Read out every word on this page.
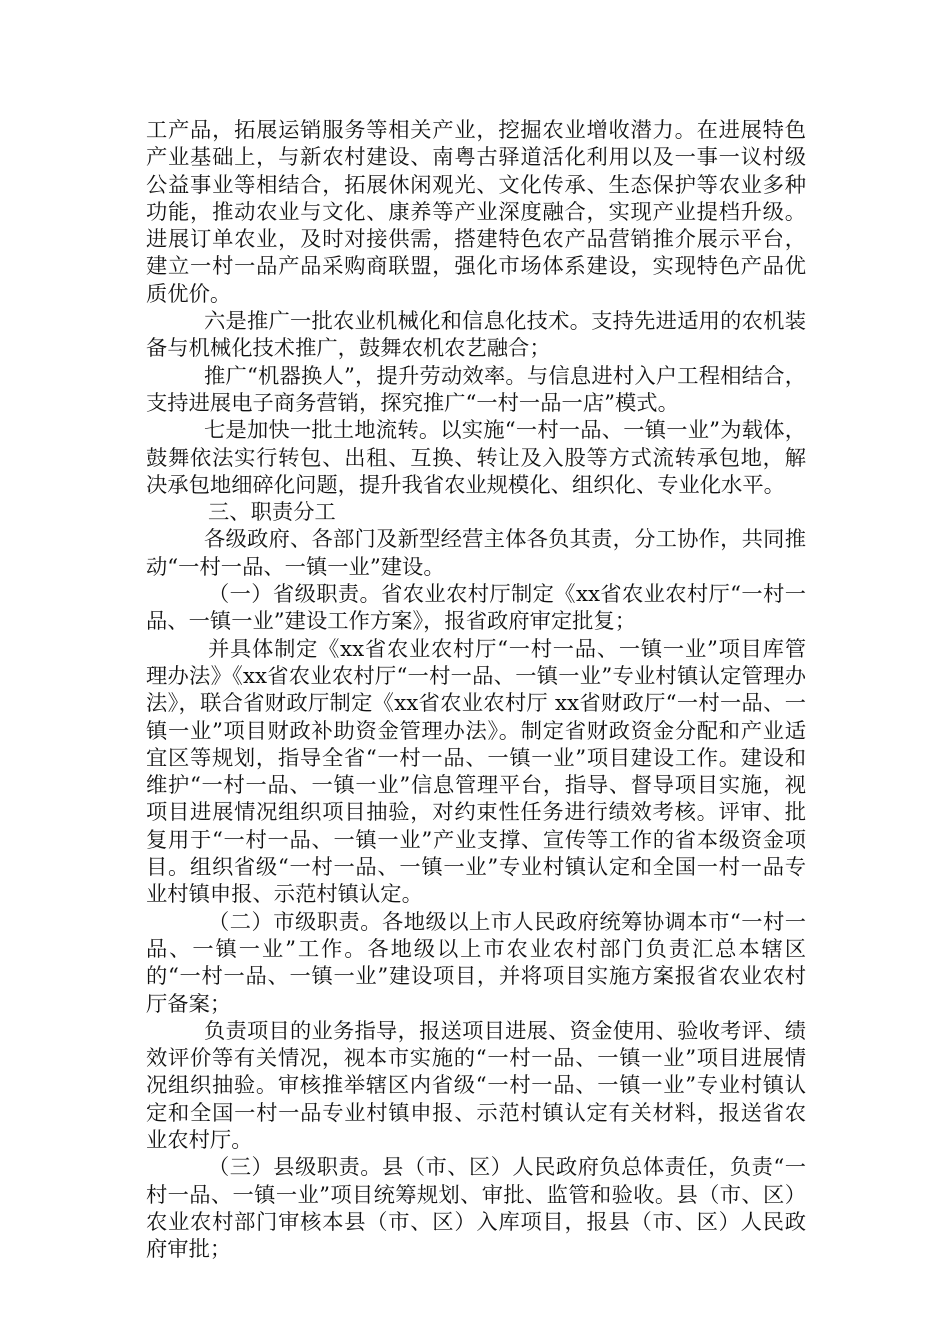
工产品，拓展运销服务等相关产业，挖掘农业增收潜力。在进展特色产业基础上，与新农村建设、南粤古驿道活化利用以及一事一议村级公益事业等相结合，拓展休闲观光、文化传承、生态保护等农业多种功能，推动农业与文化、康养等产业深度融合，实现产业提档升级。进展订单农业，及时对接供需，搭建特色农产品营销推介展示平台，建立一村一品产品采购商联盟，强化市场体系建设，实现特色产品优质优价。

六是推广一批农业机械化和信息化技术。支持先进适用的农机装备与机械化技术推广，鼓舞农机农艺融合；

推广“机器换人”，提升劳动效率。与信息进村入户工程相结合，支持进展电子商务营销，探究推广“一村一品一店”模式。

七是加快一批土地流转。以实施“一村一品、一镇一业”为载体，鼓舞依法实行转包、出租、互换、转让及入股等方式流转承包地，解决承包地细碎化问题，提升我省农业规模化、组织化、专业化水平。

三、职责分工

各级政府、各部门及新型经营主体各负其责，分工协作，共同推动“一村一品、一镇一业”建设。

（一）省级职责。省农业农村厅制定《xx省农业农村厅“一村一品、一镇一业”建设工作方案》，报省政府审定批复；

并具体制定《xx省农业农村厅“一村一品、一镇一业”项目库管理办法》《xx省农业农村厅“一村一品、一镇一业”专业村镇认定管理办法》，联合省财政厅制定《xx省农业农村厅 xx省财政厅“一村一品、一镇一业”项目财政补助资金管理办法》。制定省财政资金分配和产业适宜区等规划，指导全省“一村一品、一镇一业”项目建设工作。建设和维护“一村一品、一镇一业”信息管理平台，指导、督导项目实施，视项目进展情况组织项目抽验，对约束性任务进行绩效考核。评审、批复用于“一村一品、一镇一业”产业支撑、宣传等工作的省本级资金项目。组织省级“一村一品、一镇一业”专业村镇认定和全国一村一品专业村镇申报、示范村镇认定。

（二）市级职责。各地级以上市人民政府统筹协调本市“一村一品、一镇一业”工作。各地级以上市农业农村部门负责汇总本辖区的“一村一品、一镇一业”建设项目，并将项目实施方案报省农业农村厅备案；

负责项目的业务指导，报送项目进展、资金使用、验收考评、绩效评价等有关情况，视本市实施的“一村一品、一镇一业”项目进展情况组织抽验。审核推举辖区内省级“一村一品、一镇一业”专业村镇认定和全国一村一品专业村镇申报、示范村镇认定有关材料，报送省农业农村厅。

（三）县级职责。县（市、区）人民政府负总体责任，负责“一村一品、一镇一业”项目统筹规划、审批、监管和验收。县（市、区）农业农村部门审核本县（市、区）入库项目，报县（市、区）人民政府审批；
